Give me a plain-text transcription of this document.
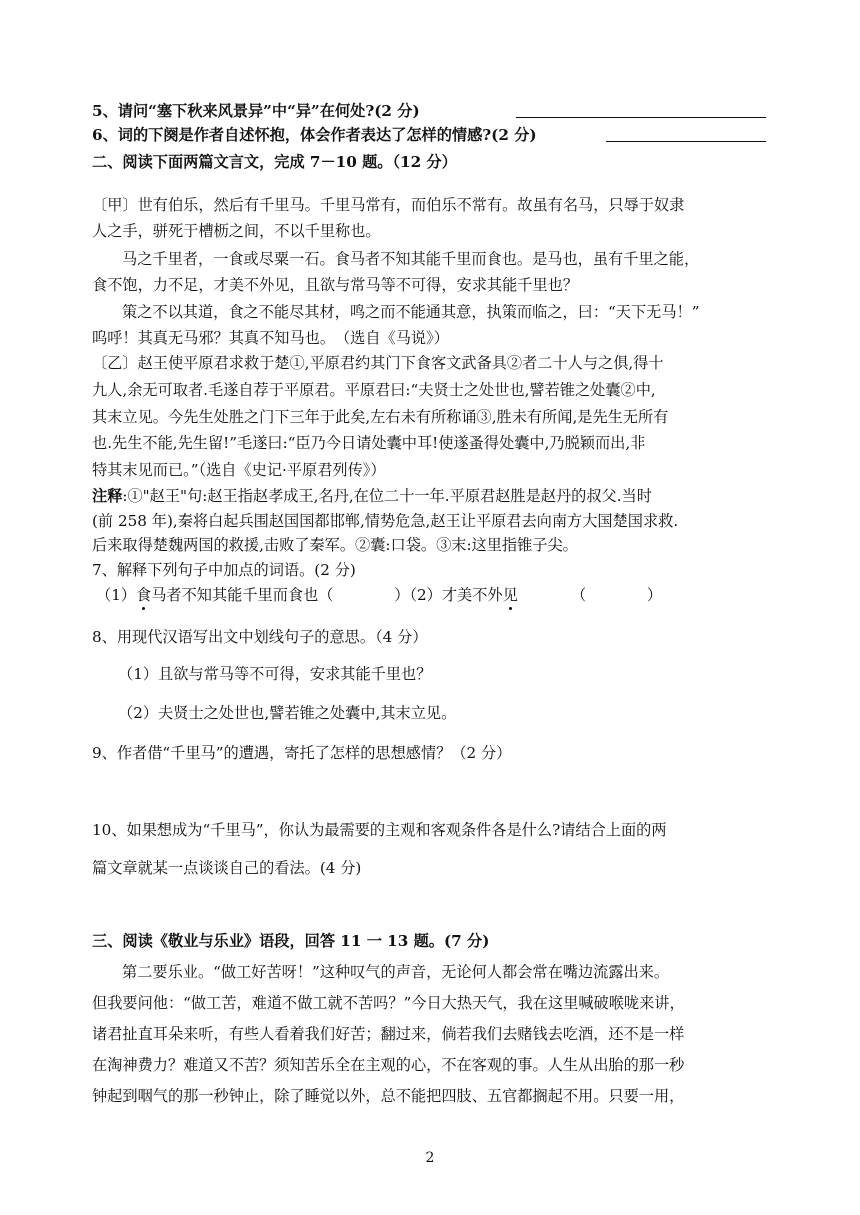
5、请问“塞下秋来风景异”中“异”在何处?(2 分)
6、词的下阕是作者自述怀抱，体会作者表达了怎样的情感?(2 分)
二、阅读下面两篇文言文，完成 7－10 题。（12 分）
〔甲〕世有伯乐，然后有千里马。千里马常有，而伯乐不常有。故虽有名马，只辱于奴隶
人之手，骈死于槽枥之间，不以千里称也。
马之千里者，一食或尽粟一石。食马者不知其能千里而食也。是马也，虽有千里之能，
食不饱，力不足，才美不外见，且欲与常马等不可得，安求其能千里也？
策之不以其道，食之不能尽其材，鸣之而不能通其意，执策而临之，曰：“天下无马！”
呜呼！其真无马邪？其真不知马也。　（选自《马说》）
〔乙〕赵王使平原君求救于楚①,平原君约其门下食客文武备具②者二十人与之俱,得十
九人,余无可取者.毛遂自荐于平原君。平原君曰:“夫贤士之处世也,譬若锥之处囊②中,
其末立见。今先生处胜之门下三年于此矣,左右未有所称诵③,胜未有所闻,是先生无所有
也.先生不能,先生留!”毛遂曰:“臣乃今日请处囊中耳!使遂蚤得处囊中,乃脱颖而出,非
特其末见而已。”（选自《史记·平原君列传》）
注释:①"赵王"句:赵王指赵孝成王,名丹,在位二十一年.平原君赵胜是赵丹的叔父.当时
(前 258 年),秦将白起兵围赵国国都邯郸,情势危急,赵王让平原君去向南方大国楚国求救.
后来取得楚魏两国的救援,击败了秦军。②囊:口袋。③末:这里指锥子尖。
7、解释下列句子中加点的词语。(2 分)
（1）食马者不知其能千里而食也（　　　　）（2）才美不外见　　　　（　　　　）
8、用现代汉语写出文中划线句子的意思。（4 分）
（1）且欲与常马等不可得，安求其能千里也？
（2）夫贤士之处世也,譬若锥之处囊中,其末立见。
9、作者借“千里马”的遭遇，寄托了怎样的思想感情？（2 分）
10、如果想成为“千里马”，你认为最需要的主观和客观条件各是什么?请结合上面的两
篇文章就某一点谈谈自己的看法。(4 分)
三、阅读《敬业与乐业》语段，回答 11 一 13 题。(7 分)
第二要乐业。“做工好苦呀！”这种叹气的声音，无论何人都会常在嘴边流露出来。
但我要问他：“做工苦，难道不做工就不苦吗？”今日大热天气，我在这里喊破喉咙来讲，
诸君扯直耳朵来听，有些人看着我们好苦；翻过来，倘若我们去赌钱去吃酒，还不是一样
在淘神费力？难道又不苦？须知苦乐全在主观的心，不在客观的事。人生从出胎的那一秒
钟起到咽气的那一秒钟止，除了睡觉以外，总不能把四肢、五官都搁起不用。只要一用，
2
